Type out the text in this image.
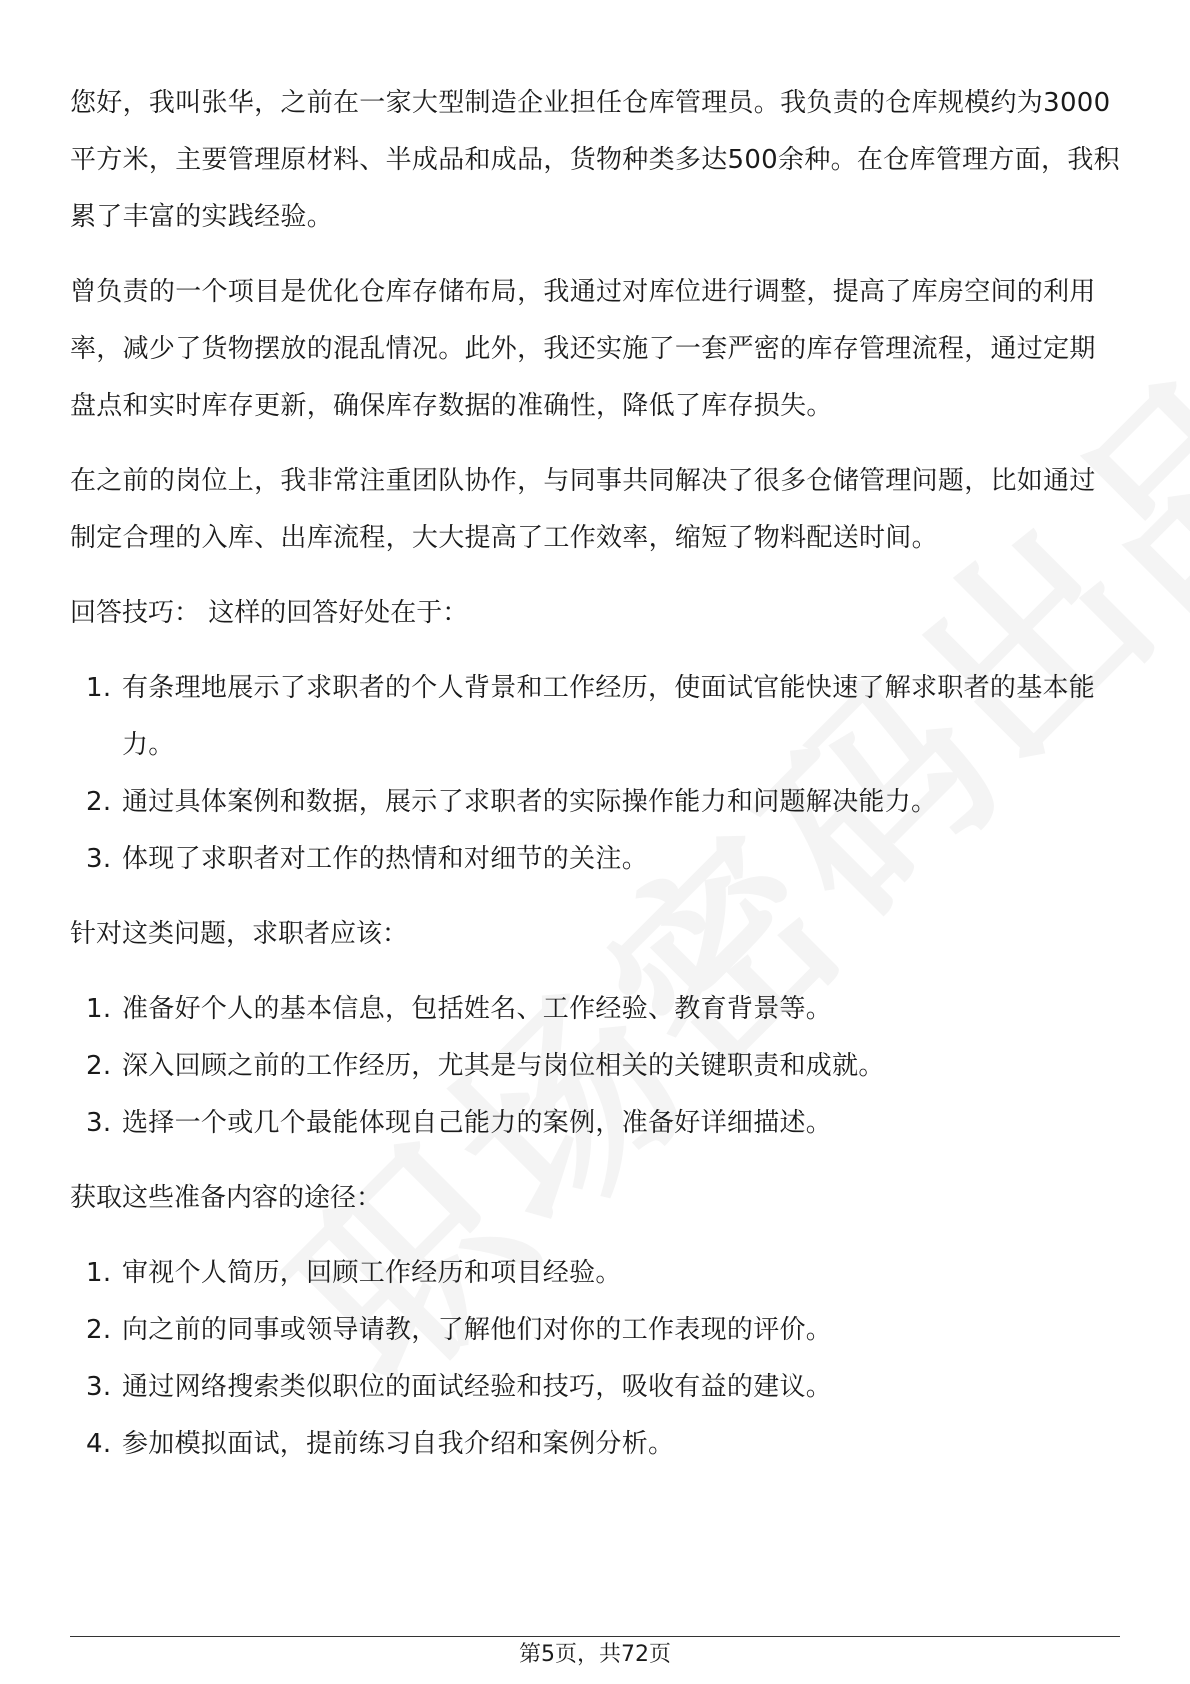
您好，我叫张华，之前在一家大型制造企业担任仓库管理员。我负责的仓库规模约为3000平方米，主要管理原材料、半成品和成品，货物种类多达500余种。在仓库管理方面，我积累了丰富的实践经验。

曾负责的一个项目是优化仓库存储布局，我通过对库位进行调整，提高了库房空间的利用率，减少了货物摆放的混乱情况。此外，我还实施了一套严密的库存管理流程，通过定期盘点和实时库存更新，确保库存数据的准确性，降低了库存损失。

在之前的岗位上，我非常注重团队协作，与同事共同解决了很多仓储管理问题，比如通过制定合理的入库、出库流程，大大提高了工作效率，缩短了物料配送时间。

回答技巧： 这样的回答好处在于：
1. 有条理地展示了求职者的个人背景和工作经历，使面试官能快速了解求职者的基本能力。
2. 通过具体案例和数据，展示了求职者的实际操作能力和问题解决能力。
3. 体现了求职者对工作的热情和对细节的关注。
针对这类问题，求职者应该：
1. 准备好个人的基本信息，包括姓名、工作经验、教育背景等。
2. 深入回顾之前的工作经历，尤其是与岗位相关的关键职责和成就。
3. 选择一个或几个最能体现自己能力的案例，准备好详细描述。
获取这些准备内容的途径：
1. 审视个人简历，回顾工作经历和项目经验。
2. 向之前的同事或领导请教，了解他们对你的工作表现的评价。
3. 通过网络搜索类似职位的面试经验和技巧，吸收有益的建议。
4. 参加模拟面试，提前练习自我介绍和案例分析。
第5页，共72页
